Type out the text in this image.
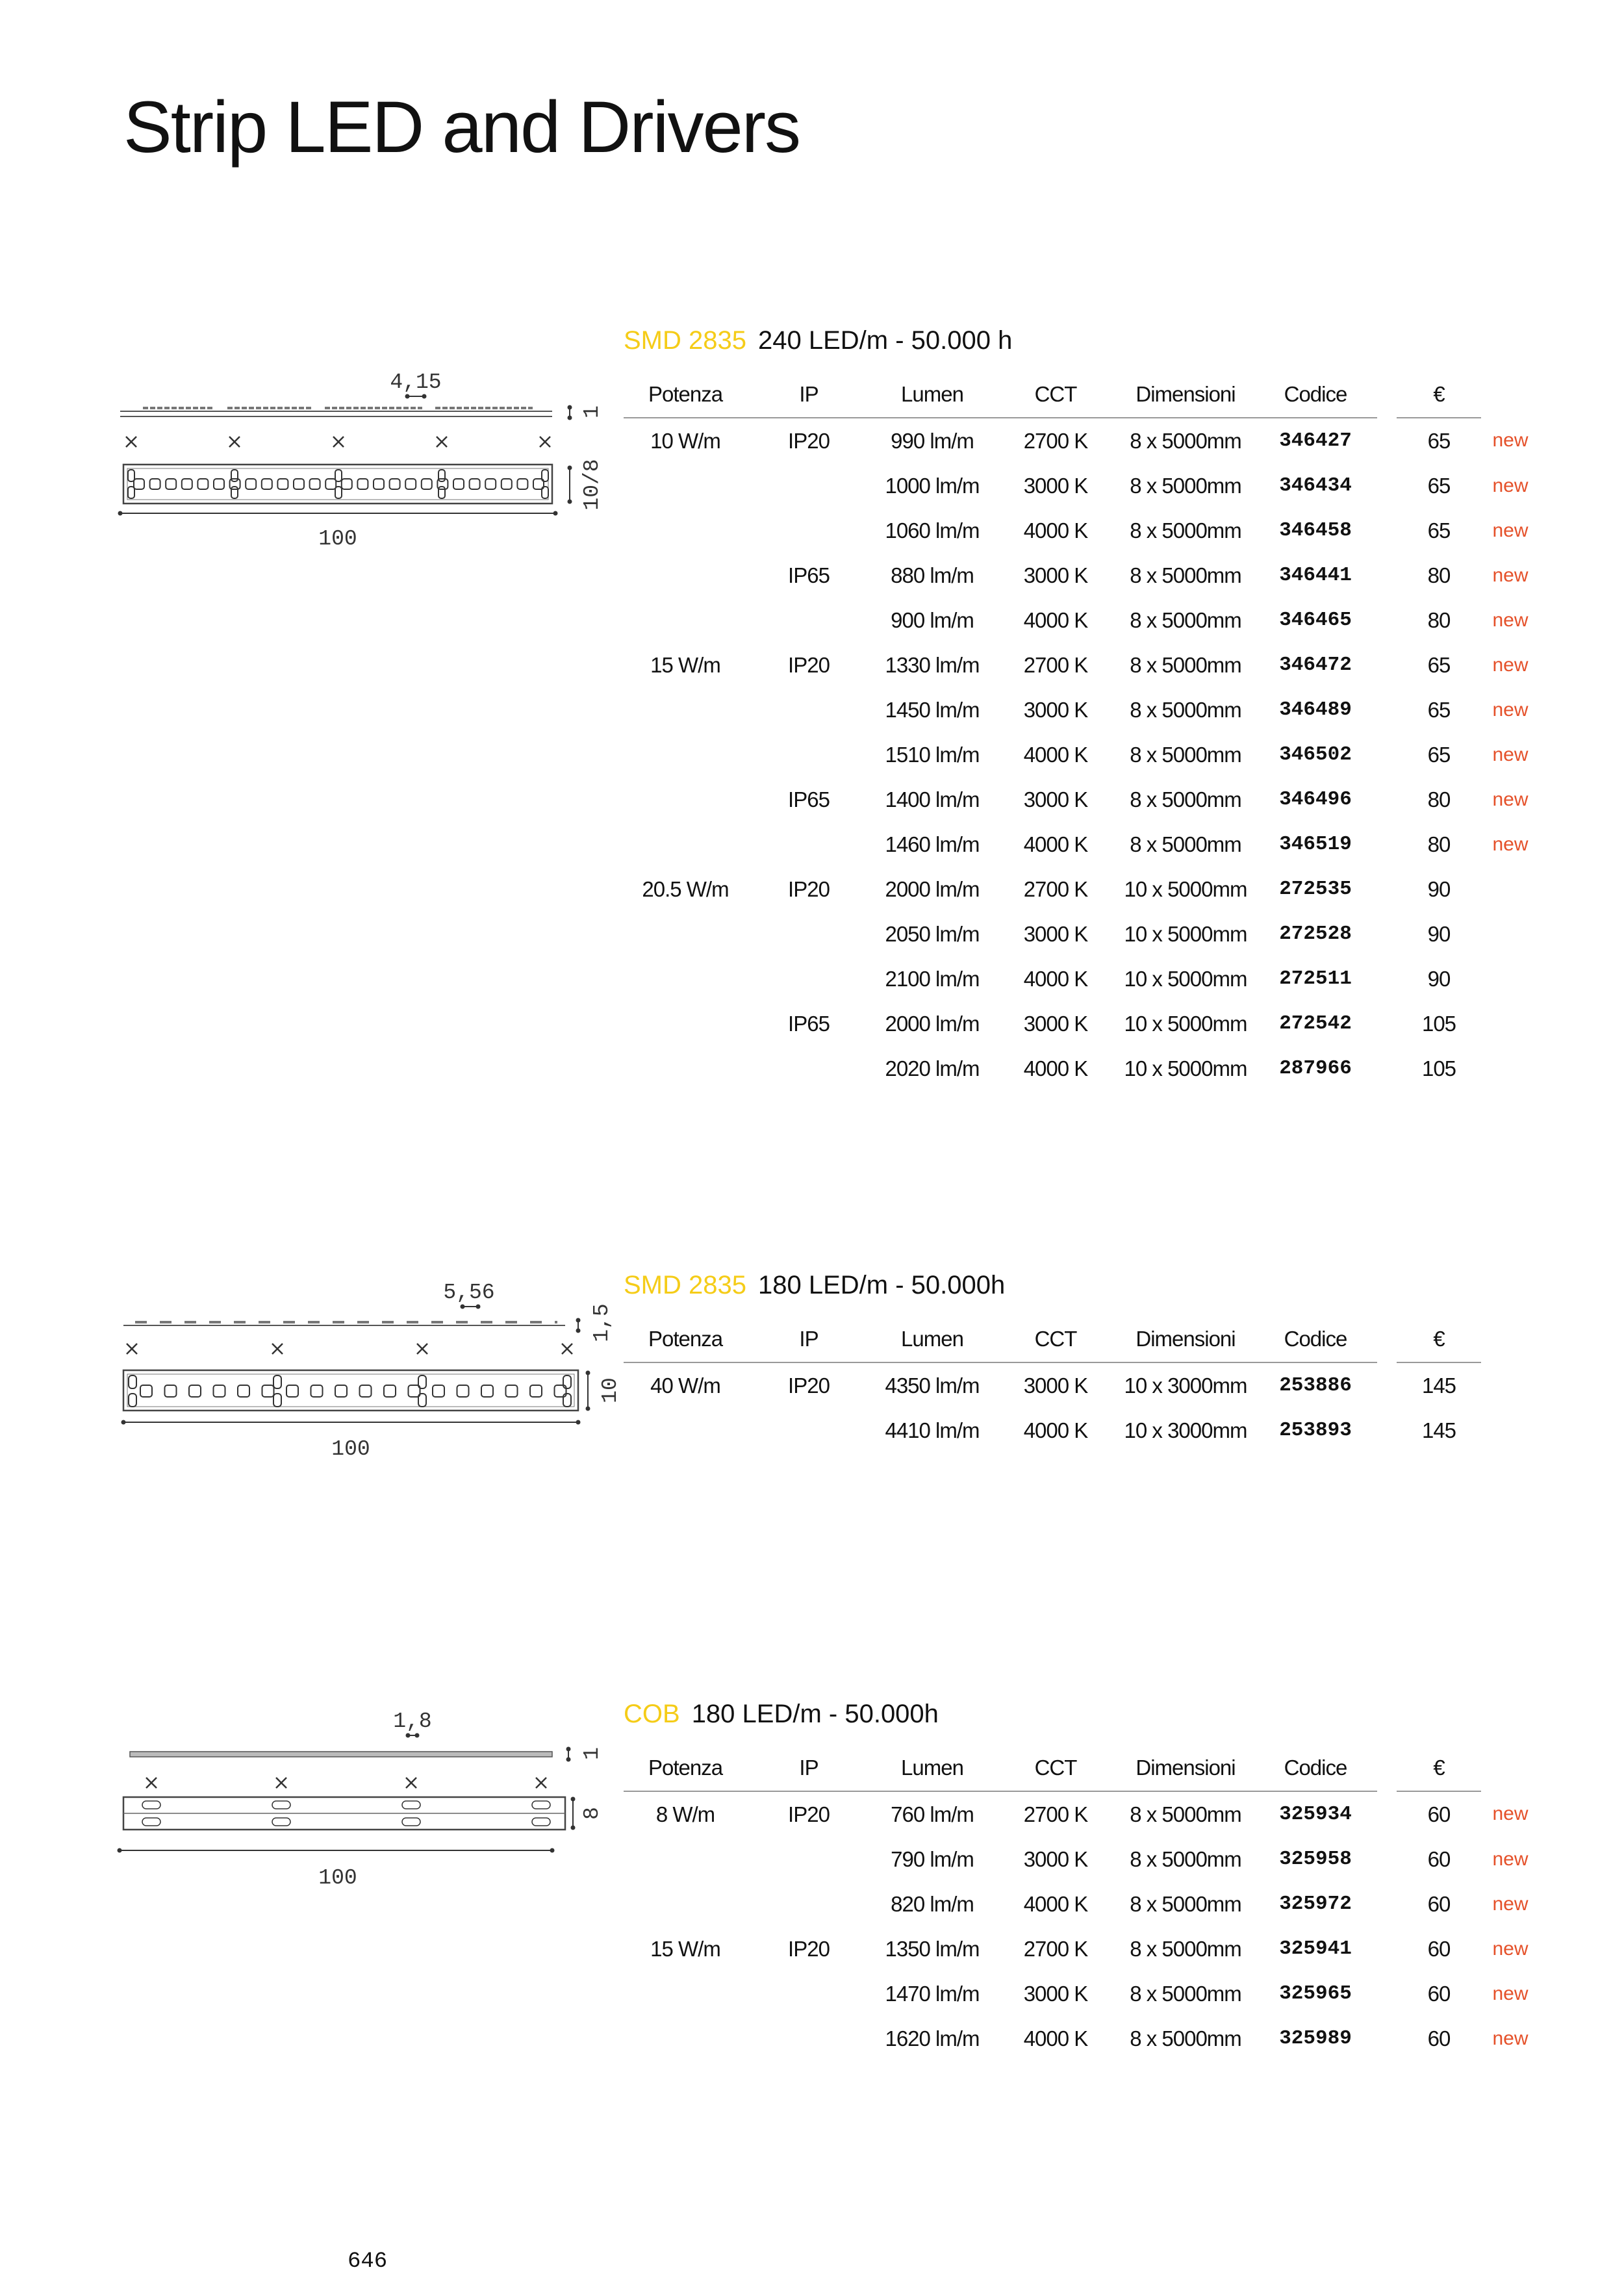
Strip LED and Drivers
4,15
1
10/8
100
SMD 2835 240 LED/m - 50.000 h
Potenza	IP	Lumen	CCT	Dimensioni	Codice		€	
10 W/m	IP20	990 lm/m	2700 K	8 x 5000mm	346427		65	new
		1000 lm/m	3000 K	8 x 5000mm	346434		65	new
		1060 lm/m	4000 K	8 x 5000mm	346458		65	new
	IP65	880 lm/m	3000 K	8 x 5000mm	346441		80	new
		900 lm/m	4000 K	8 x 5000mm	346465		80	new
15 W/m	IP20	1330 lm/m	2700 K	8 x 5000mm	346472		65	new
		1450 lm/m	3000 K	8 x 5000mm	346489		65	new
		1510 lm/m	4000 K	8 x 5000mm	346502		65	new
	IP65	1400 lm/m	3000 K	8 x 5000mm	346496		80	new
		1460 lm/m	4000 K	8 x 5000mm	346519		80	new
20.5 W/m	IP20	2000 lm/m	2700 K	10 x 5000mm	272535		90	
		2050 lm/m	3000 K	10 x 5000mm	272528		90	
		2100 lm/m	4000 K	10 x 5000mm	272511		90	
	IP65	2000 lm/m	3000 K	10 x 5000mm	272542		105	
		2020 lm/m	4000 K	10 x 5000mm	287966		105	
5,56
1,5
10
100
SMD 2835 180 LED/m - 50.000h
Potenza	IP	Lumen	CCT	Dimensioni	Codice		€	
40 W/m	IP20	4350 lm/m	3000 K	10 x 3000mm	253886		145	
		4410 lm/m	4000 K	10 x 3000mm	253893		145	
1,8
1
8
100
COB 180 LED/m - 50.000h
Potenza	IP	Lumen	CCT	Dimensioni	Codice		€	
8 W/m	IP20	760 lm/m	2700 K	8 x 5000mm	325934		60	new
		790 lm/m	3000 K	8 x 5000mm	325958		60	new
		820 lm/m	4000 K	8 x 5000mm	325972		60	new
15 W/m	IP20	1350 lm/m	2700 K	8 x 5000mm	325941		60	new
		1470 lm/m	3000 K	8 x 5000mm	325965		60	new
		1620 lm/m	4000 K	8 x 5000mm	325989		60	new
646
